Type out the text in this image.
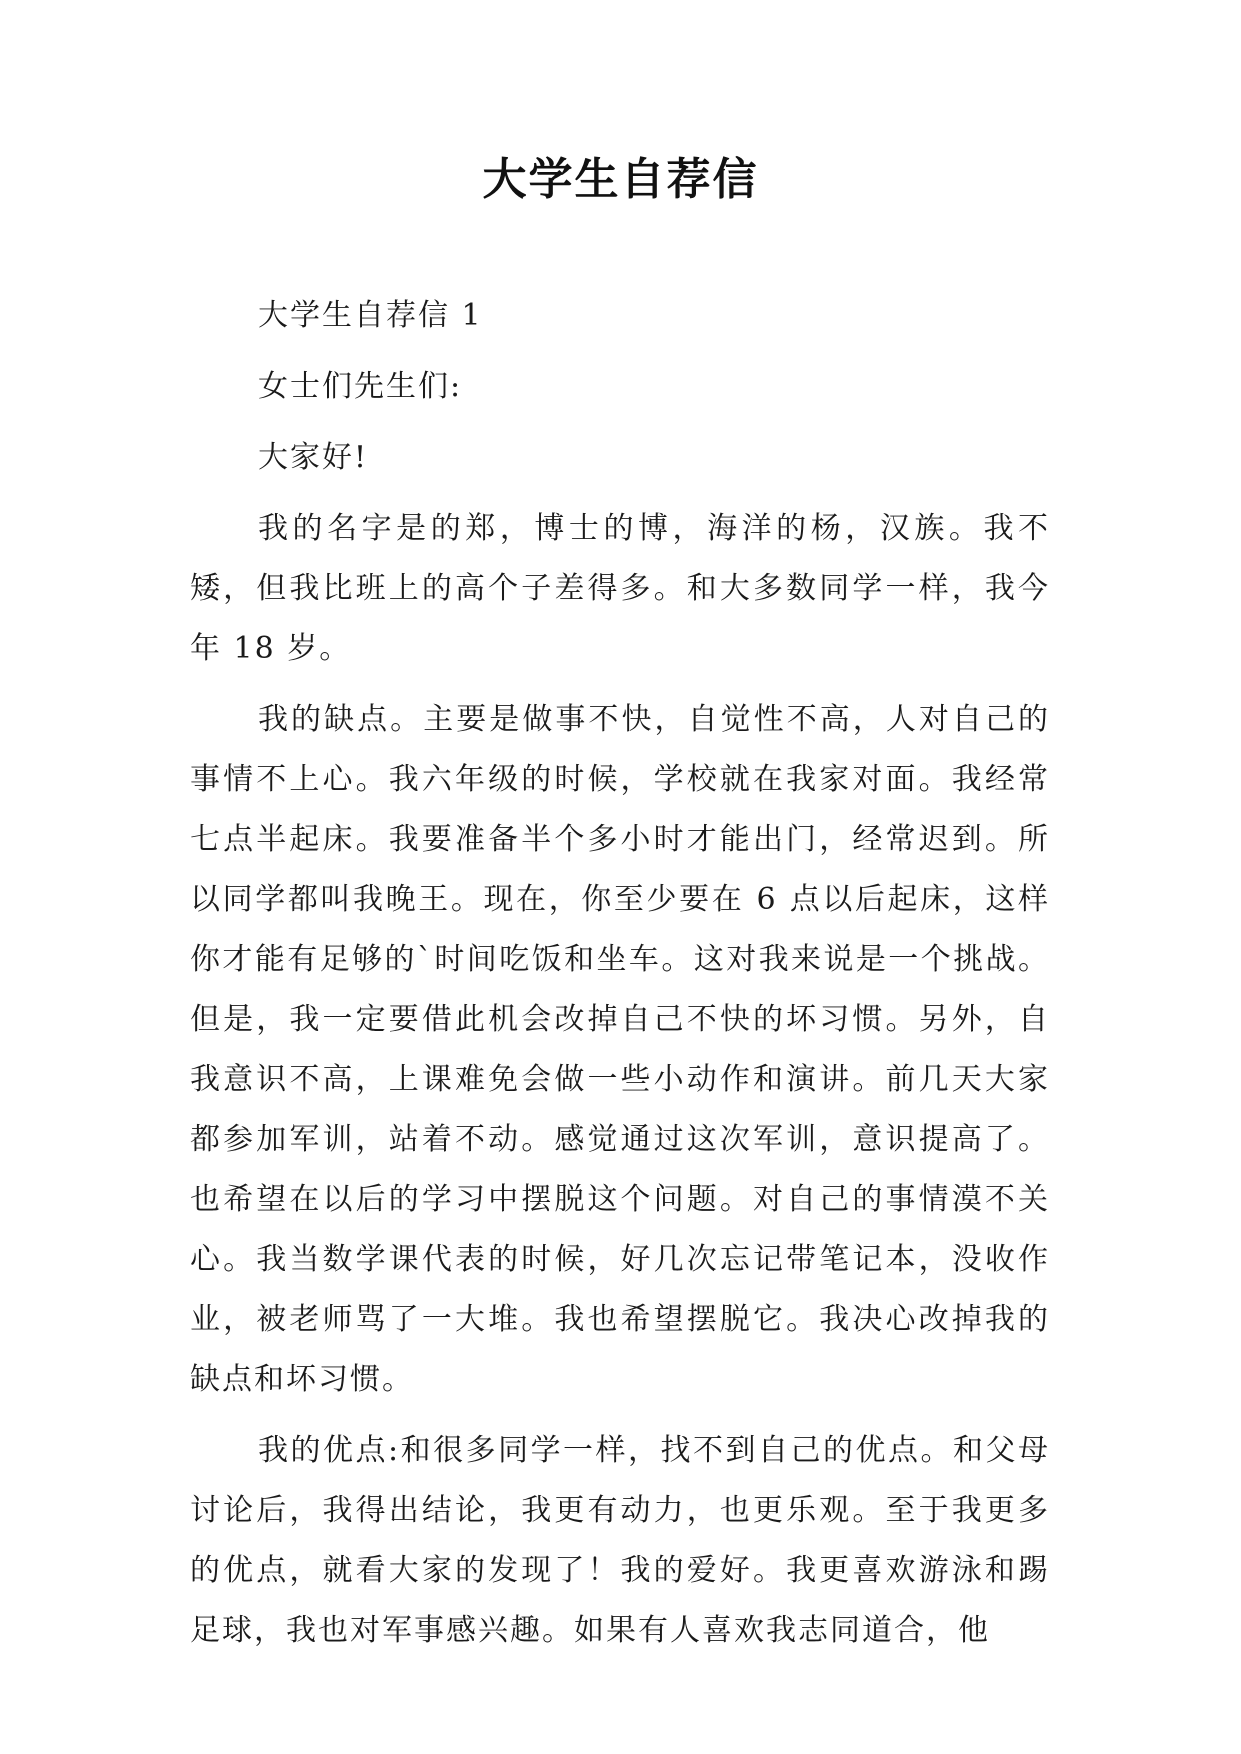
大学生自荐信

大学生自荐信 1

女士们先生们:

大家好!

我的名字是的郑，博士的博，海洋的杨，汉族。我不矮，但我比班上的高个子差得多。和大多数同学一样，我今年 18 岁。

我的缺点。主要是做事不快，自觉性不高，人对自己的事情不上心。我六年级的时候，学校就在我家对面。我经常七点半起床。我要准备半个多小时才能出门，经常迟到。所以同学都叫我晚王。现在，你至少要在 6 点以后起床，这样你才能有足够的`时间吃饭和坐车。这对我来说是一个挑战。但是，我一定要借此机会改掉自己不快的坏习惯。另外，自我意识不高，上课难免会做一些小动作和演讲。前几天大家都参加军训，站着不动。感觉通过这次军训，意识提高了。也希望在以后的学习中摆脱这个问题。对自己的事情漠不关心。我当数学课代表的时候，好几次忘记带笔记本，没收作业，被老师骂了一大堆。我也希望摆脱它。我决心改掉我的缺点和坏习惯。

我的优点:和很多同学一样，找不到自己的优点。和父母讨论后，我得出结论，我更有动力，也更乐观。至于我更多的优点，就看大家的发现了！我的爱好。我更喜欢游泳和踢足球，我也对军事感兴趣。如果有人喜欢我志同道合，他
